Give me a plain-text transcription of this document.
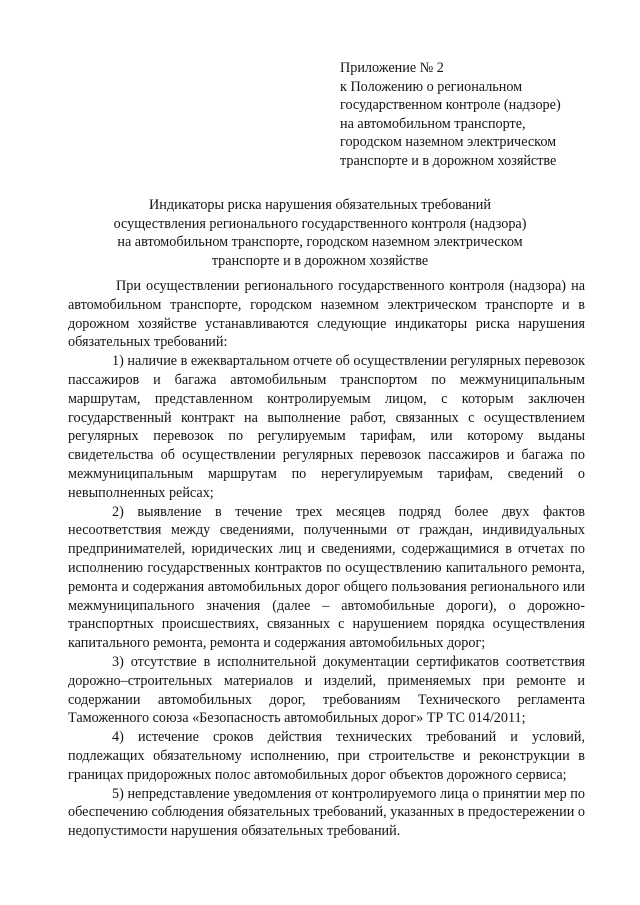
Приложение № 2
к Положению о региональном
государственном контроле (надзоре)
на автомобильном транспорте,
городском наземном электрическом
транспорте и в дорожном хозяйстве
Индикаторы риска нарушения обязательных требований
осуществления регионального государственного контроля (надзора)
на автомобильном транспорте, городском наземном электрическом
транспорте и в дорожном хозяйстве

При осуществлении регионального государственного контроля (надзора) на автомобильном транспорте, городском наземном электрическом транспорте и в дорожном хозяйстве устанавливаются следующие индикаторы риска нарушения обязательных требований:

1) наличие в ежеквартальном отчете об осуществлении регулярных перевозок пассажиров и багажа автомобильным транспортом по межмуниципальным маршрутам, представленном контролируемым лицом, с которым заключен государственный контракт на выполнение работ, связанных с осуществлением регулярных перевозок по регулируемым тарифам, или которому выданы свидетельства об осуществлении регулярных перевозок пассажиров и багажа по межмуниципальным маршрутам по нерегулируемым тарифам, сведений о невыполненных рейсах;

2) выявление в течение трех месяцев подряд более двух фактов несоответствия между сведениями, полученными от граждан, индивидуальных предпринимателей, юридических лиц и сведениями, содержащимися в отчетах по исполнению государственных контрактов по осуществлению капитального ремонта, ремонта и содержания автомобильных дорог общего пользования регионального или межмуниципального значения (далее – автомобильные дороги), о дорожно-транспортных происшествиях, связанных с нарушением порядка осуществления капитального ремонта, ремонта и содержания автомобильных дорог;

3) отсутствие в исполнительной документации сертификатов соответствия дорожно–строительных материалов и изделий, применяемых при ремонте и содержании автомобильных дорог, требованиям Технического регламента Таможенного союза «Безопасность автомобильных дорог» ТР ТС 014/2011;

4) истечение сроков действия технических требований и условий, подлежащих обязательному исполнению, при строительстве и реконструкции в границах придорожных полос автомобильных дорог объектов дорожного сервиса;

5) непредставление уведомления от контролируемого лица о принятии мер по обеспечению соблюдения обязательных требований, указанных в предостережении о недопустимости нарушения обязательных требований.
